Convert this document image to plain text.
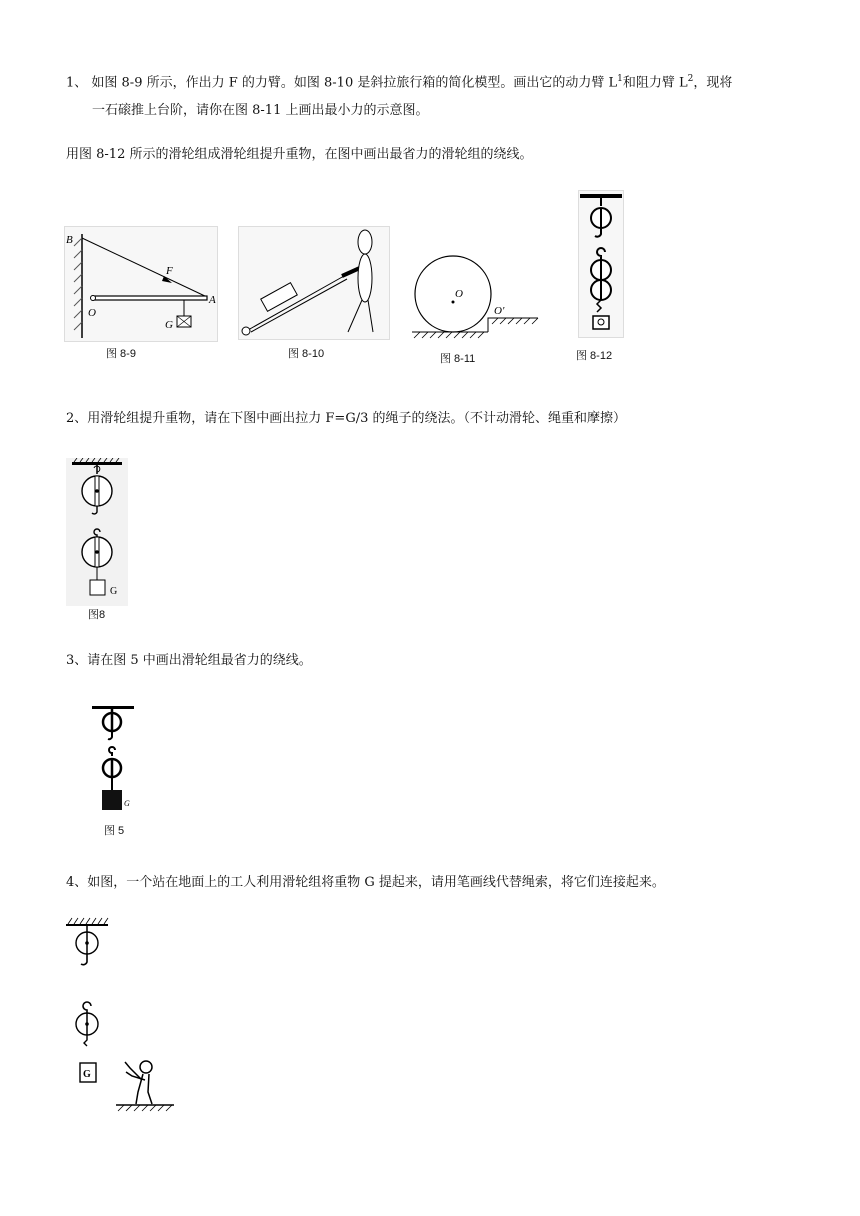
1、 如图 8-9 所示，作出力 F 的力臂。如图 8-10 是斜拉旅行箱的简化模型。画出它的动力臂 $L^1$和阻力臂 $L^2$，现将
一石磙推上台阶，请你在图 8-11 上画出最小力的示意图。
用图 8-12 所示的滑轮组成滑轮组提升重物，在图中画出最省力的滑轮组的绕线。
B
F
O
A
G
图 8-9	图 8-10
O
O'
图 8-11	图 8-12
2、用滑轮组提升重物，请在下图中画出拉力 F=G/3 的绳子的绕法。（不计动滑轮、绳重和摩擦）
G
图8
3、请在图 5 中画出滑轮组最省力的绕线。
G
图 5
4、如图，一个站在地面上的工人利用滑轮组将重物 G 提起来，请用笔画线代替绳索，将它们连接起来。
G
